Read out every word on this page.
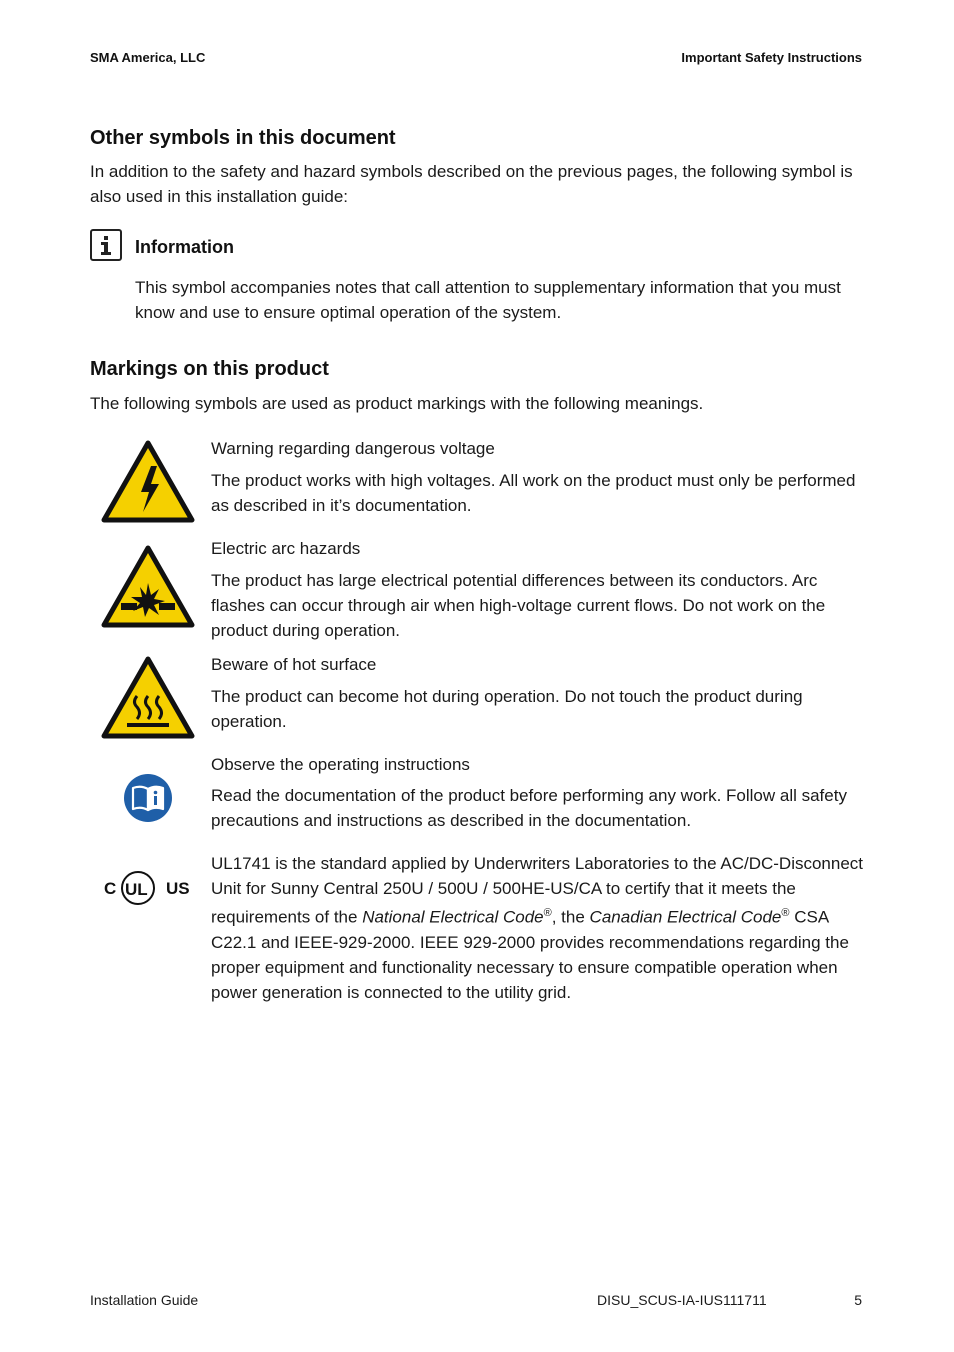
SMA America, LLC	Important Safety Instructions
Other symbols in this document

In addition to the safety and hazard symbols described on the previous pages, the following symbol is also used in this installation guide:

Information

This symbol accompanies notes that call attention to supplementary information that you must know and use to ensure optimal operation of the system.

Markings on this product

The following symbols are used as product markings with the following meanings.

Warning regarding dangerous voltage

The product works with high voltages. All work on the product must only be performed as described in it’s documentation.

Electric arc hazards

The product has large electrical potential differences between its conductors. Arc flashes can occur through air when high-voltage current flows. Do not work on the product during operation.

Beware of hot surface

The product can become hot during operation. Do not touch the product during operation.

Observe the operating instructions

Read the documentation of the product before performing any work. Follow all safety precautions and instructions as described in the documentation.

C UL US

UL1741 is the standard applied by Underwriters Laboratories to the AC/DC-Disconnect Unit for Sunny Central 250U / 500U / 500HE-US/CA to certify that it meets the requirements of the National Electrical Code®, the Canadian Electrical Code® CSA C22.1 and IEEE-929-2000. IEEE 929-2000 provides recommendations regarding the proper equipment and functionality necessary to ensure compatible operation when power generation is connected to the utility grid.

Installation Guide	DISU_SCUS-IA-IUS111711	5
